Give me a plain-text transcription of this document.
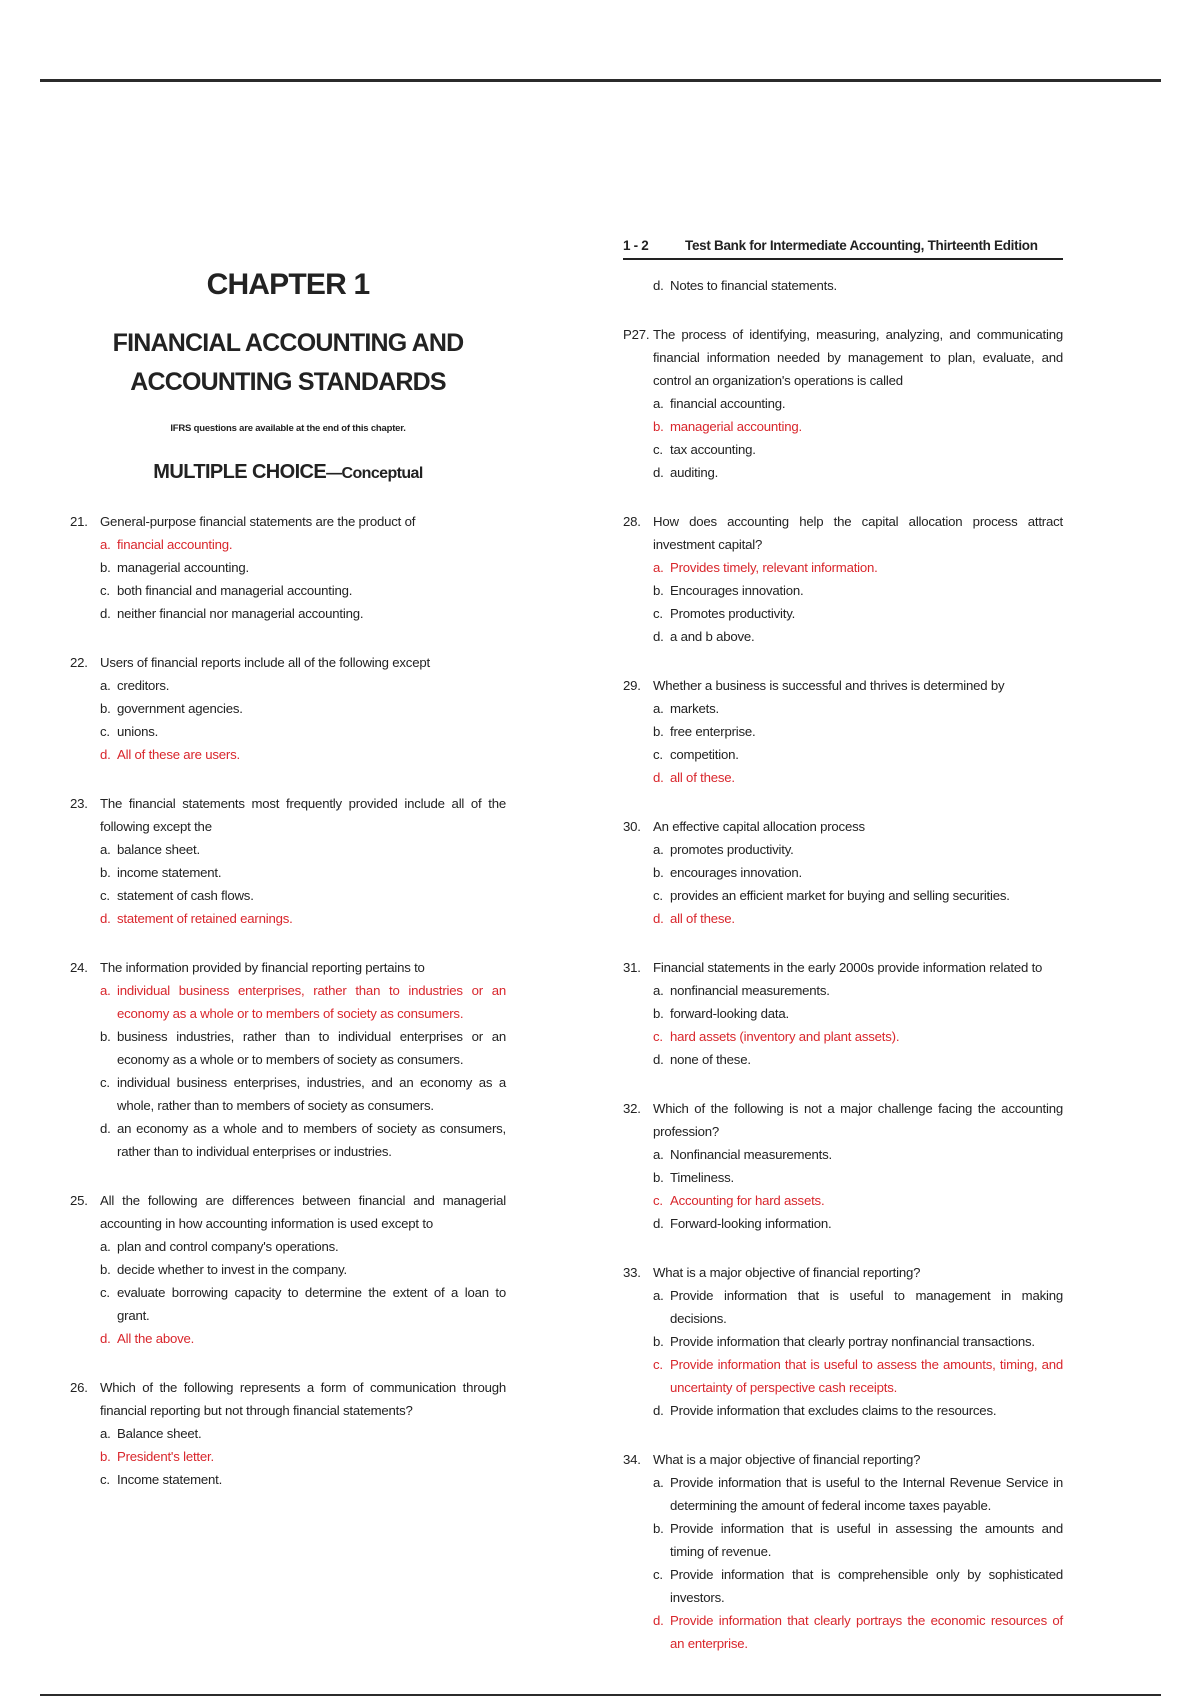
CHAPTER 1
FINANCIAL ACCOUNTING AND
ACCOUNTING STANDARDS

IFRS questions are available at the end of this chapter.

MULTIPLE CHOICE—Conceptual
21. General-purpose financial statements are the product of
a. financial accounting.
b. managerial accounting.
c. both financial and managerial accounting.
d. neither financial nor managerial accounting.
22. Users of financial reports include all of the following except
a. creditors.
b. government agencies.
c. unions.
d. All of these are users.
23. The financial statements most frequently provided include all of the following except the
a. balance sheet.
b. income statement.
c. statement of cash flows.
d. statement of retained earnings.
24. The information provided by financial reporting pertains to
a. individual business enterprises, rather than to industries or an economy as a whole or to members of society as consumers.
b. business industries, rather than to individual enterprises or an economy as a whole or to members of society as consumers.
c. individual business enterprises, industries, and an economy as a whole, rather than to members of society as consumers.
d. an economy as a whole and to members of society as consumers, rather than to individual enterprises or industries.
25. All the following are differences between financial and managerial accounting in how accounting information is used except to
a. plan and control company's operations.
b. decide whether to invest in the company.
c. evaluate borrowing capacity to determine the extent of a loan to grant.
d. All the above.
26. Which of the following represents a form of communication through financial reporting but not through financial statements?
a. Balance sheet.
b. President's letter.
c. Income statement.
1 - 2	Test Bank for Intermediate Accounting, Thirteenth Edition
d. Notes to financial statements.
P27. The process of identifying, measuring, analyzing, and communicating financial information needed by management to plan, evaluate, and control an organization's operations is called
a. financial accounting.
b. managerial accounting.
c. tax accounting.
d. auditing.
28. How does accounting help the capital allocation process attract investment capital?
a. Provides timely, relevant information.
b. Encourages innovation.
c. Promotes productivity.
d. a and b above.
29. Whether a business is successful and thrives is determined by
a. markets.
b. free enterprise.
c. competition.
d. all of these.
30. An effective capital allocation process
a. promotes productivity.
b. encourages innovation.
c. provides an efficient market for buying and selling securities.
d. all of these.
31. Financial statements in the early 2000s provide information related to
a. nonfinancial measurements.
b. forward-looking data.
c. hard assets (inventory and plant assets).
d. none of these.
32. Which of the following is not a major challenge facing the accounting profession?
a. Nonfinancial measurements.
b. Timeliness.
c. Accounting for hard assets.
d. Forward-looking information.
33. What is a major objective of financial reporting?
a. Provide information that is useful to management in making decisions.
b. Provide information that clearly portray nonfinancial transactions.
c. Provide information that is useful to assess the amounts, timing, and uncertainty of perspective cash receipts.
d. Provide information that excludes claims to the resources.
34. What is a major objective of financial reporting?
a. Provide information that is useful to the Internal Revenue Service in determining the amount of federal income taxes payable.
b. Provide information that is useful in assessing the amounts and timing of revenue.
c. Provide information that is comprehensible only by sophisticated investors.
d. Provide information that clearly portrays the economic resources of an enterprise.
